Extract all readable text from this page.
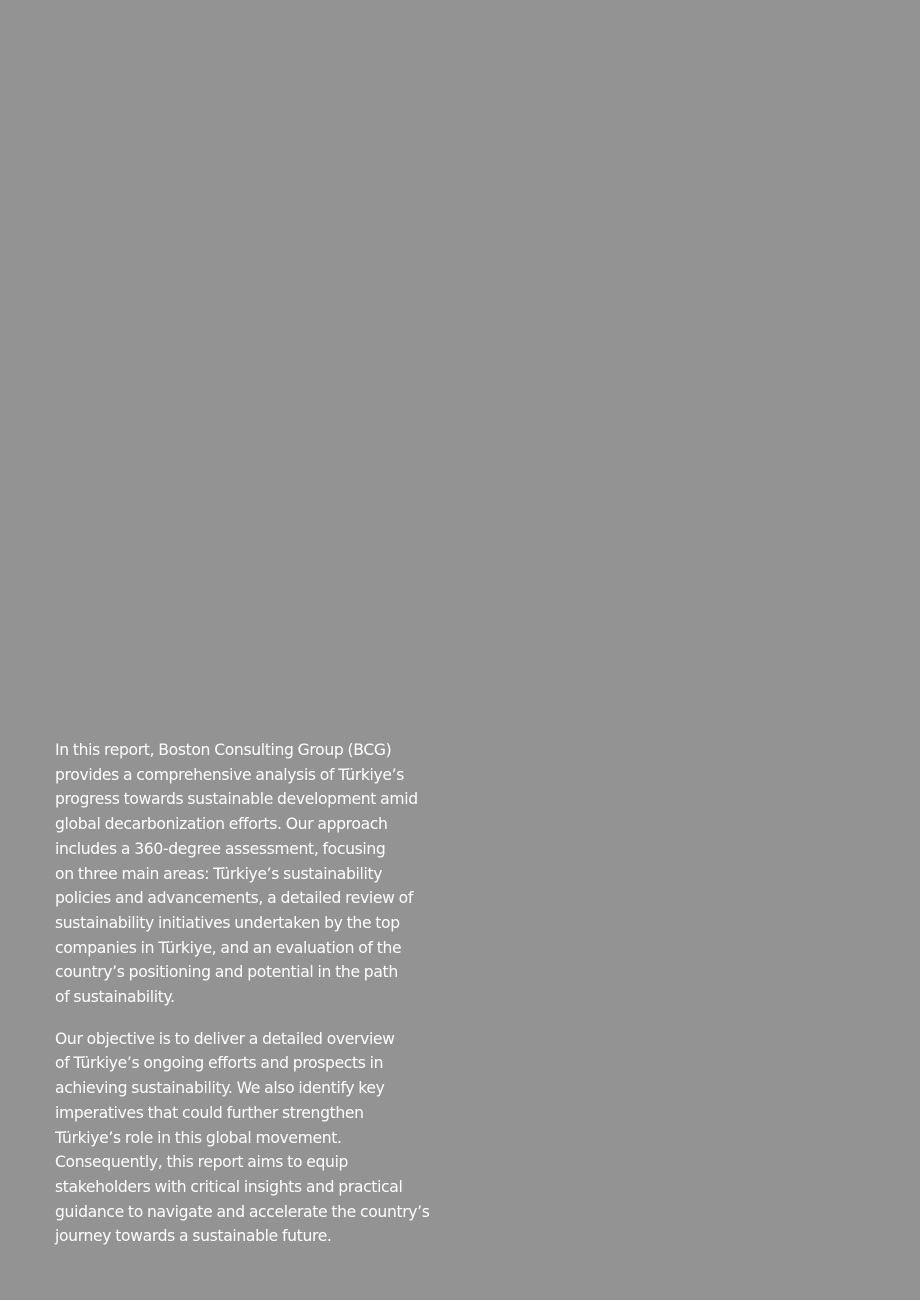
In this report, Boston Consulting Group (BCG)
provides a comprehensive analysis of Türkiye’s
progress towards sustainable development amid
global decarbonization efforts. Our approach
includes a 360-degree assessment, focusing
on three main areas: Türkiye’s sustainability
policies and advancements, a detailed review of
sustainability initiatives undertaken by the top
companies in Türkiye, and an evaluation of the
country’s positioning and potential in the path
of sustainability.

Our objective is to deliver a detailed overview
of Türkiye’s ongoing efforts and prospects in
achieving sustainability. We also identify key
imperatives that could further strengthen
Türkiye’s role in this global movement.
Consequently, this report aims to equip
stakeholders with critical insights and practical
guidance to navigate and accelerate the country’s
journey towards a sustainable future.
